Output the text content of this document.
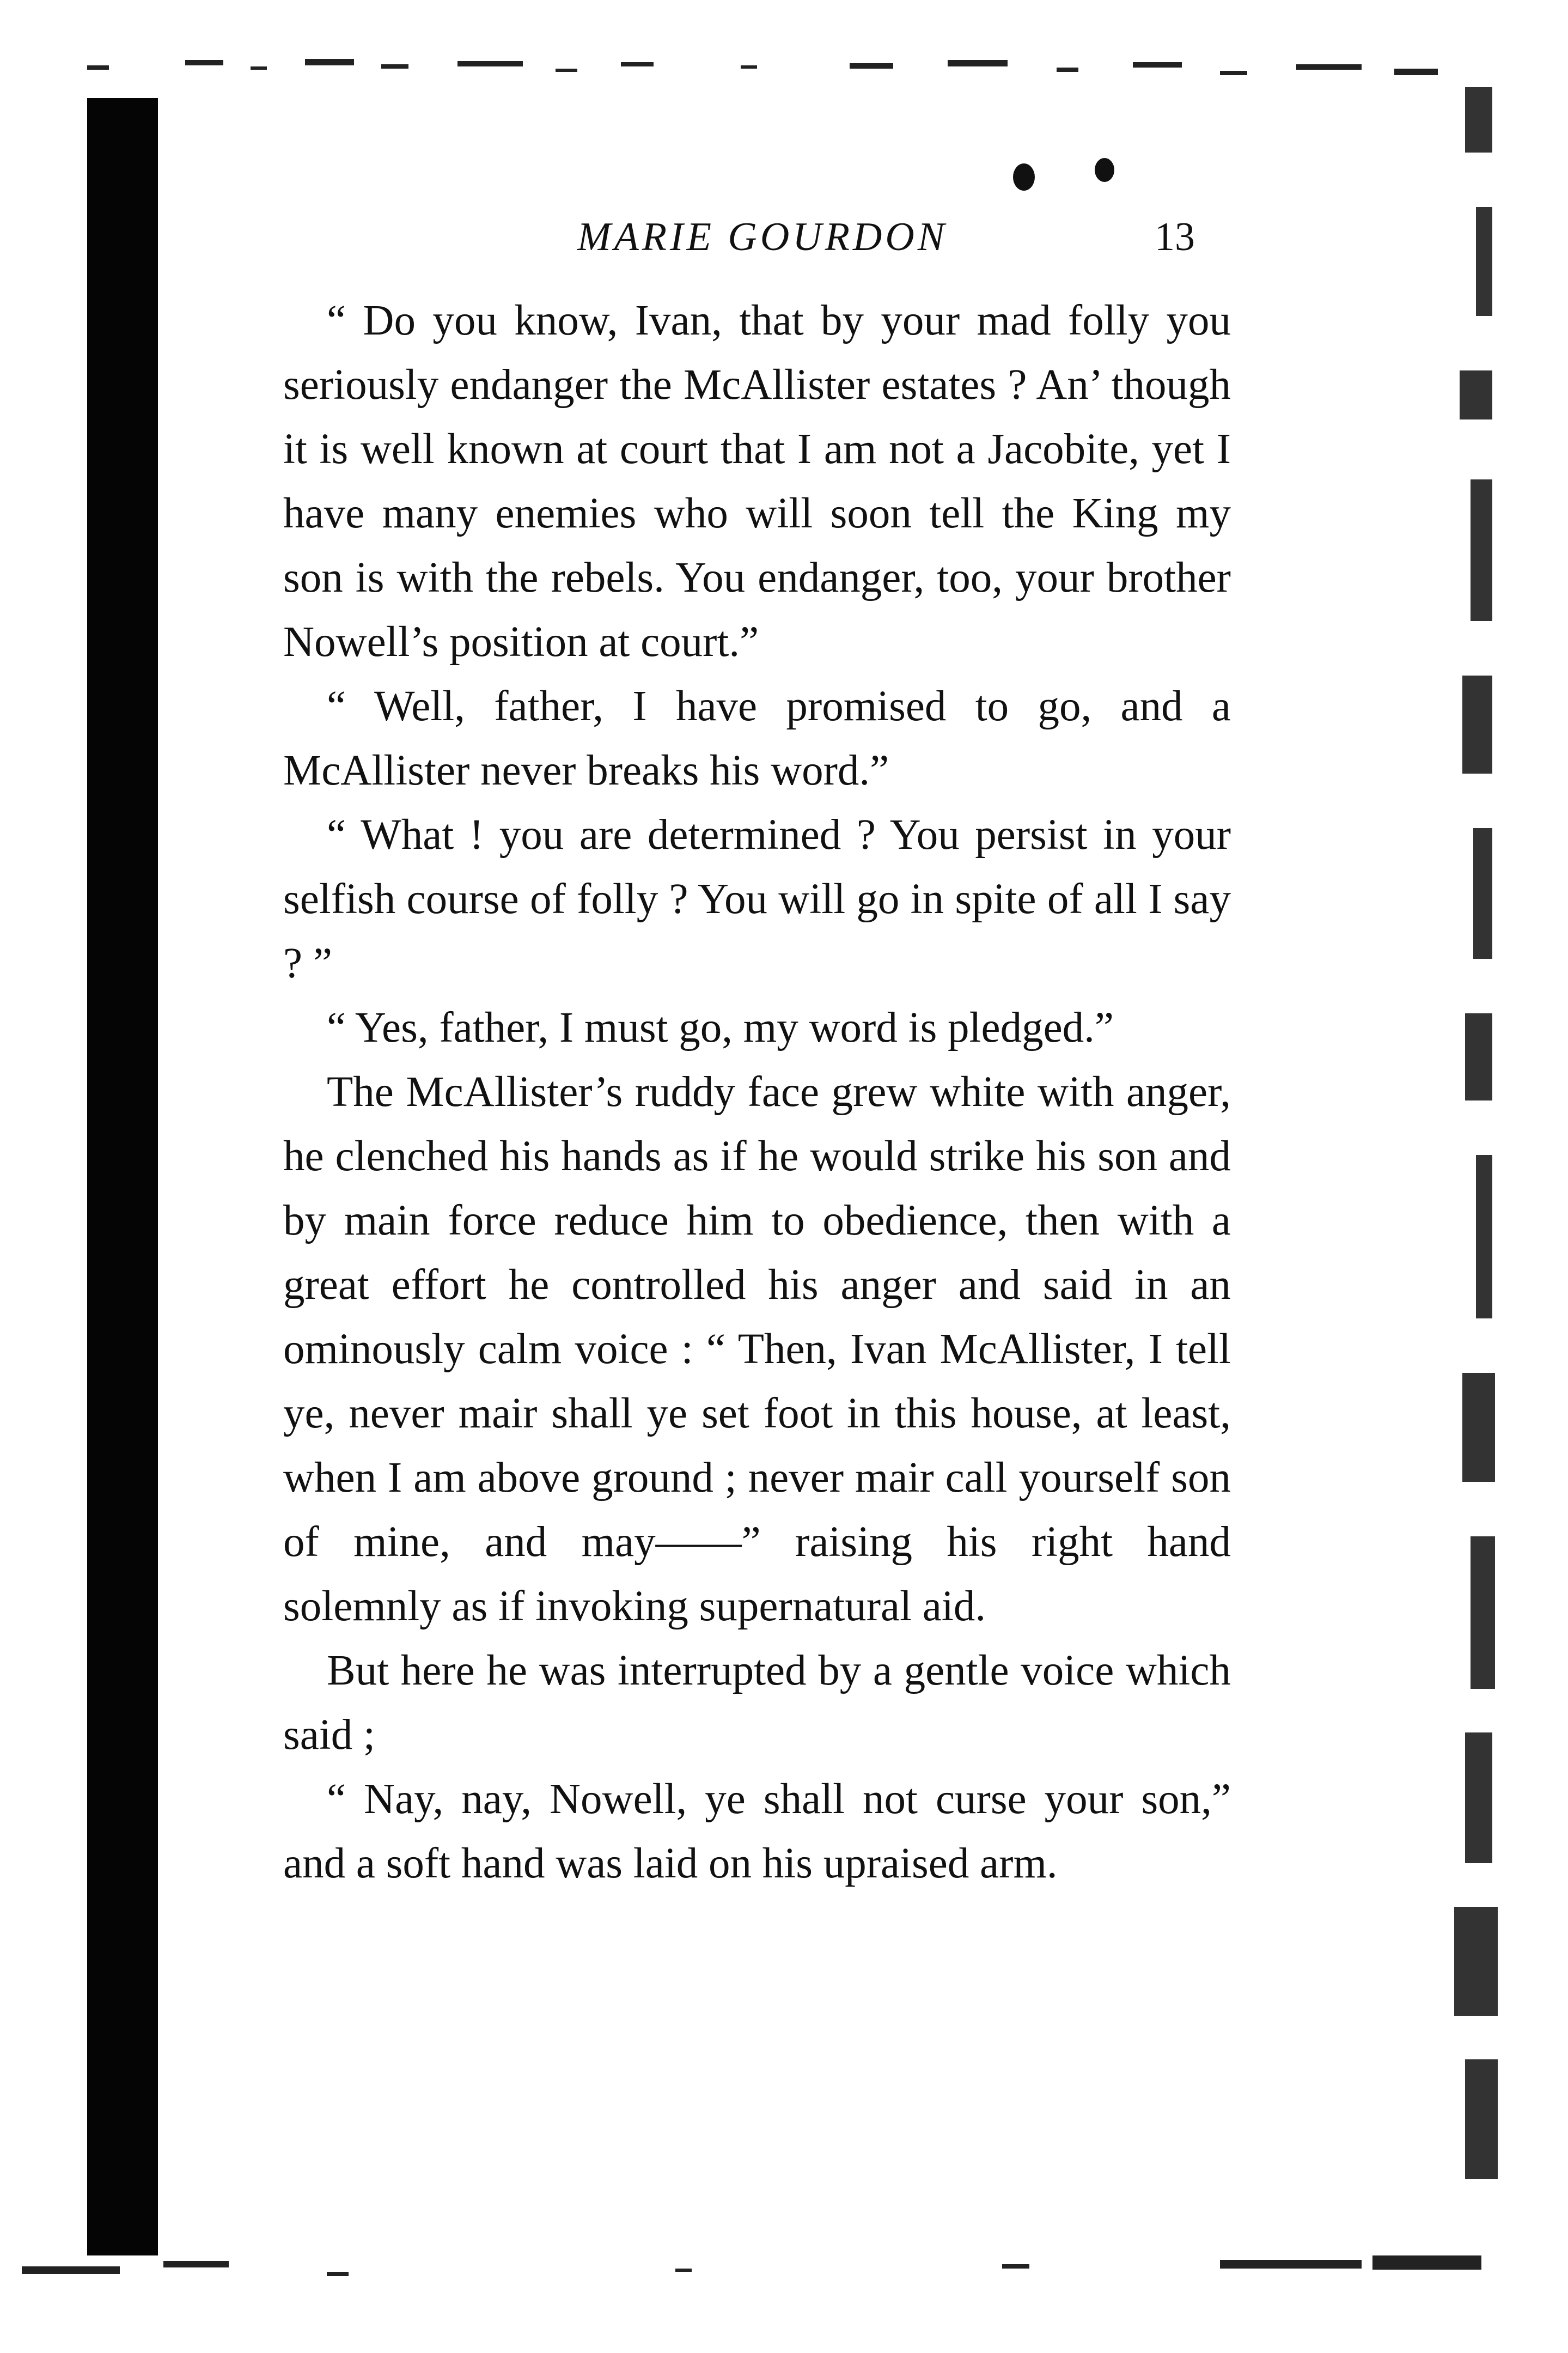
MARIE GOURDON	13

“ Do you know, Ivan, that by your mad folly you seriously endanger the McAllister estates ? An’ though it is well known at court that I am not a Jacobite, yet I have many enemies who will soon tell the King my son is with the rebels. You endanger, too, your brother Nowell’s position at court.”

“ Well, father, I have promised to go, and a McAllister never breaks his word.”

“ What ! you are determined ? You persist in your selfish course of folly ? You will go in spite of all I say ? ”

“ Yes, father, I must go, my word is pledged.”

The McAllister’s ruddy face grew white with anger, he clenched his hands as if he would strike his son and by main force reduce him to obedience, then with a great effort he controlled his anger and said in an ominously calm voice : “ Then, Ivan McAllister, I tell ye, never mair shall ye set foot in this house, at least, when I am above ground ; never mair call yourself son of mine, and may——” raising his right hand solemnly as if invoking supernatural aid.

But here he was interrupted by a gentle voice which said ;

“ Nay, nay, Nowell, ye shall not curse your son,” and a soft hand was laid on his upraised arm.
